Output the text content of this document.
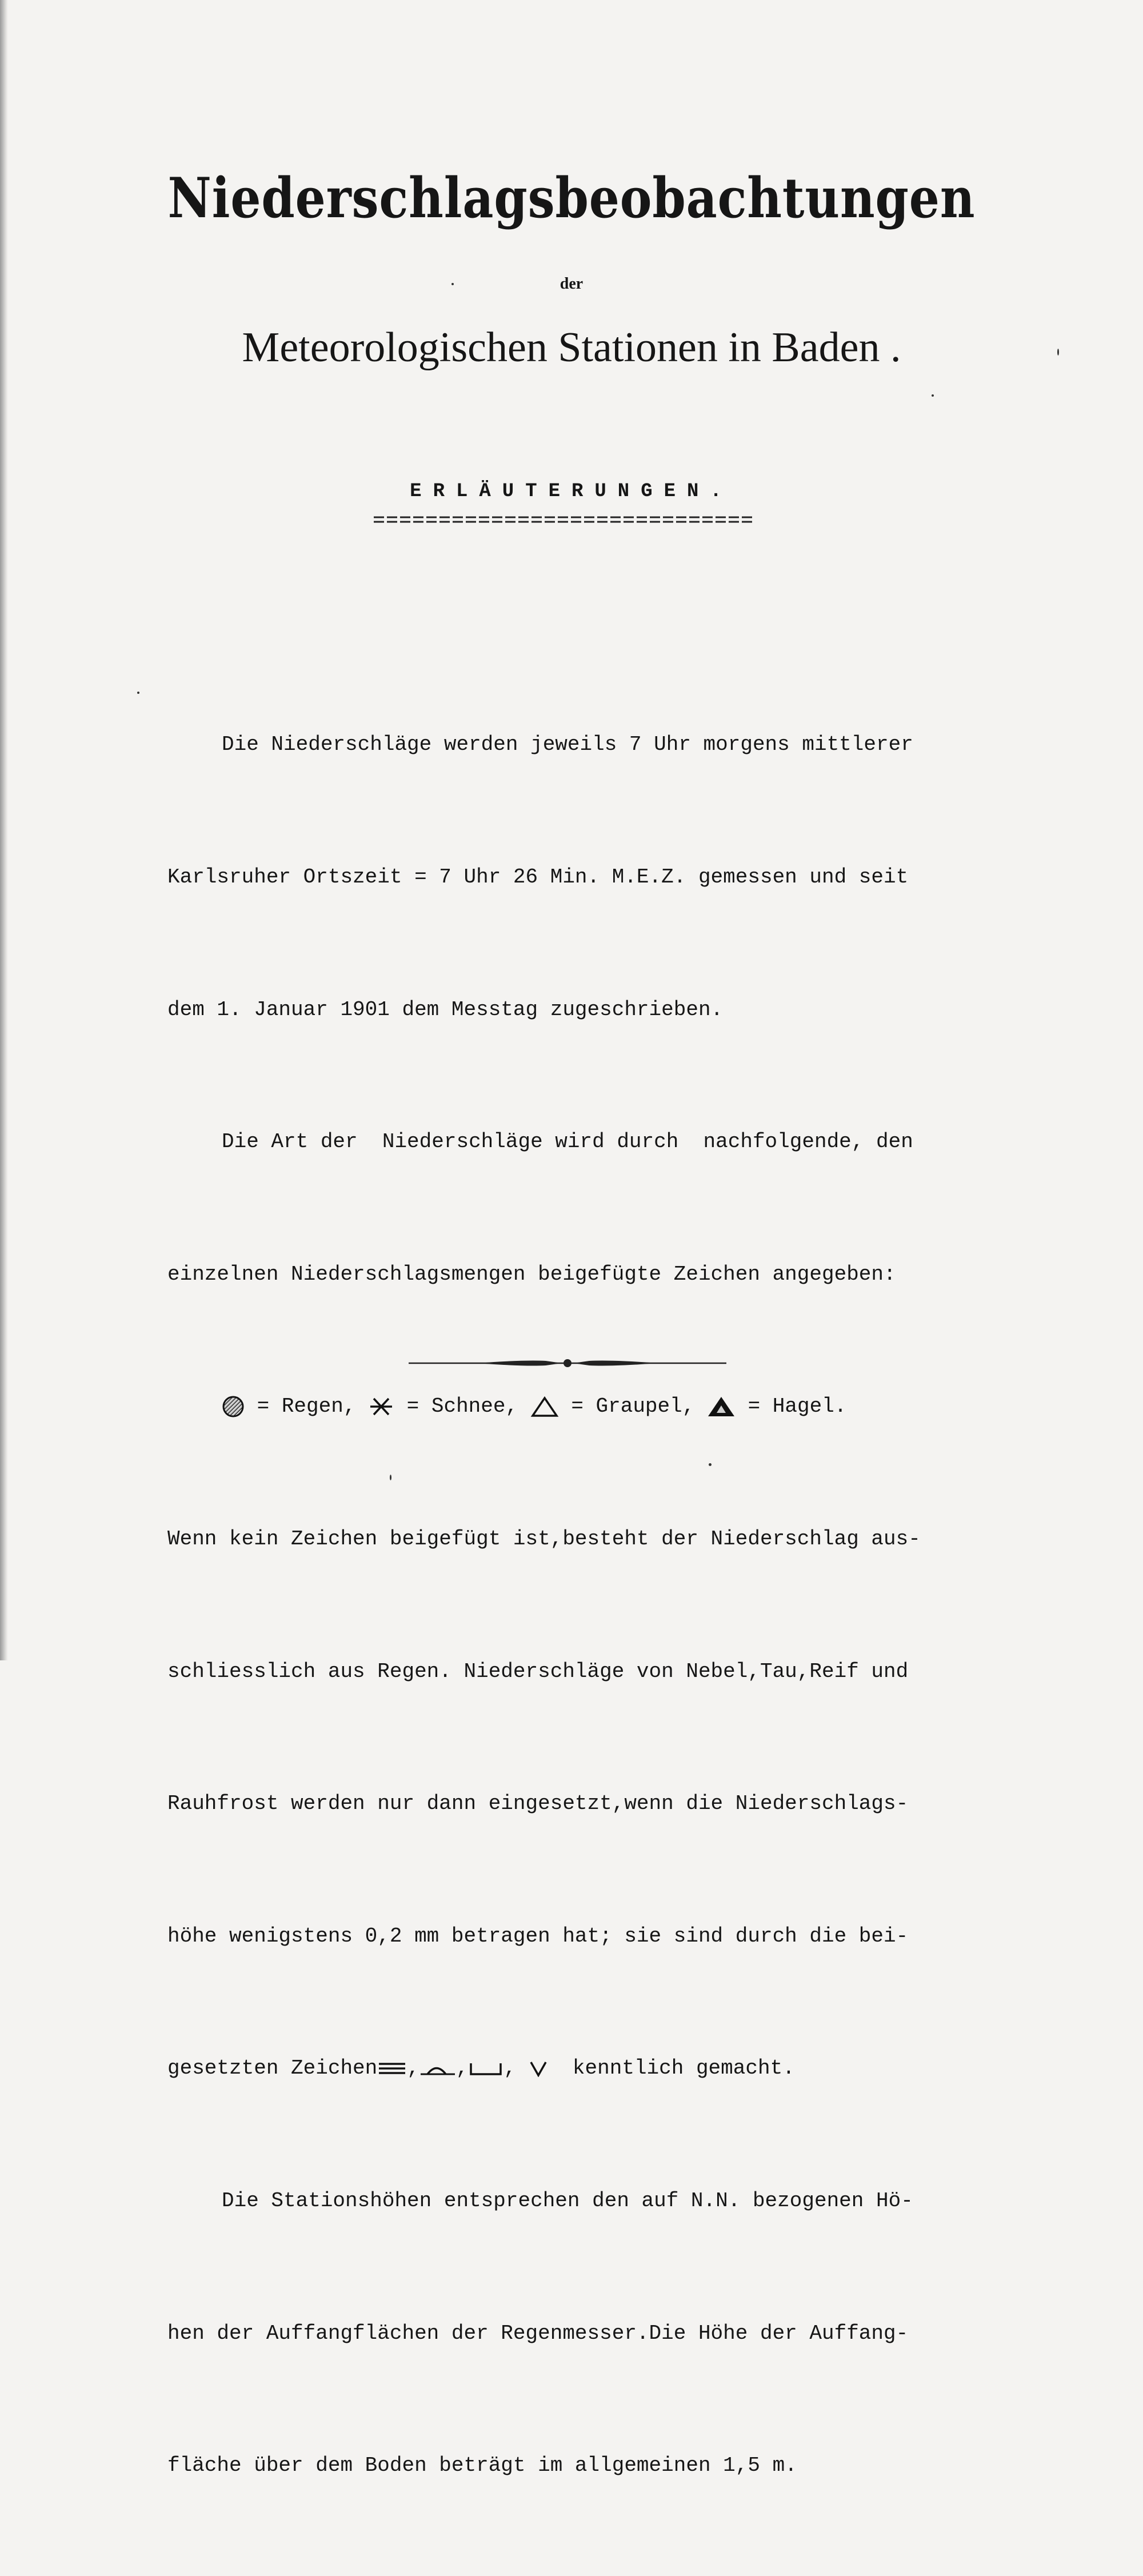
Niederschlagsbeobachtungen
der
Meteorologischen Stationen in Baden .
ERLÄUTERUNGEN.

Die Niederschläge werden jeweils 7 Uhr morgens mittlerer

Karlsruher Ortszeit = 7 Uhr 26 Min. M.E.Z. gemessen und seit

dem 1. Januar 1901 dem Messtag zugeschrieben.

Die Art der  Niederschläge wird durch  nachfolgende, den

einzelnen Niederschlagsmengen beigefügte Zeichen angegeben:

= Regen, = Schnee,	= Graupel,	= Hagel.

Wenn kein Zeichen beigefügt ist,besteht der Niederschlag aus-

schliesslich aus Regen. Niederschläge von Nebel,Tau,Reif und

Rauhfrost werden nur dann eingesetzt,wenn die Niederschlags-

höhe wenigstens 0,2 mm betragen hat; sie sind durch die bei-

gesetzten Zeichen , , ,	kenntlich gemacht.

Die Stationshöhen entsprechen den auf N.N. bezogenen Hö-

hen der Auffangflächen der Regenmesser.Die Höhe der Auffang-

fläche über dem Boden beträgt im allgemeinen 1,5 m.
